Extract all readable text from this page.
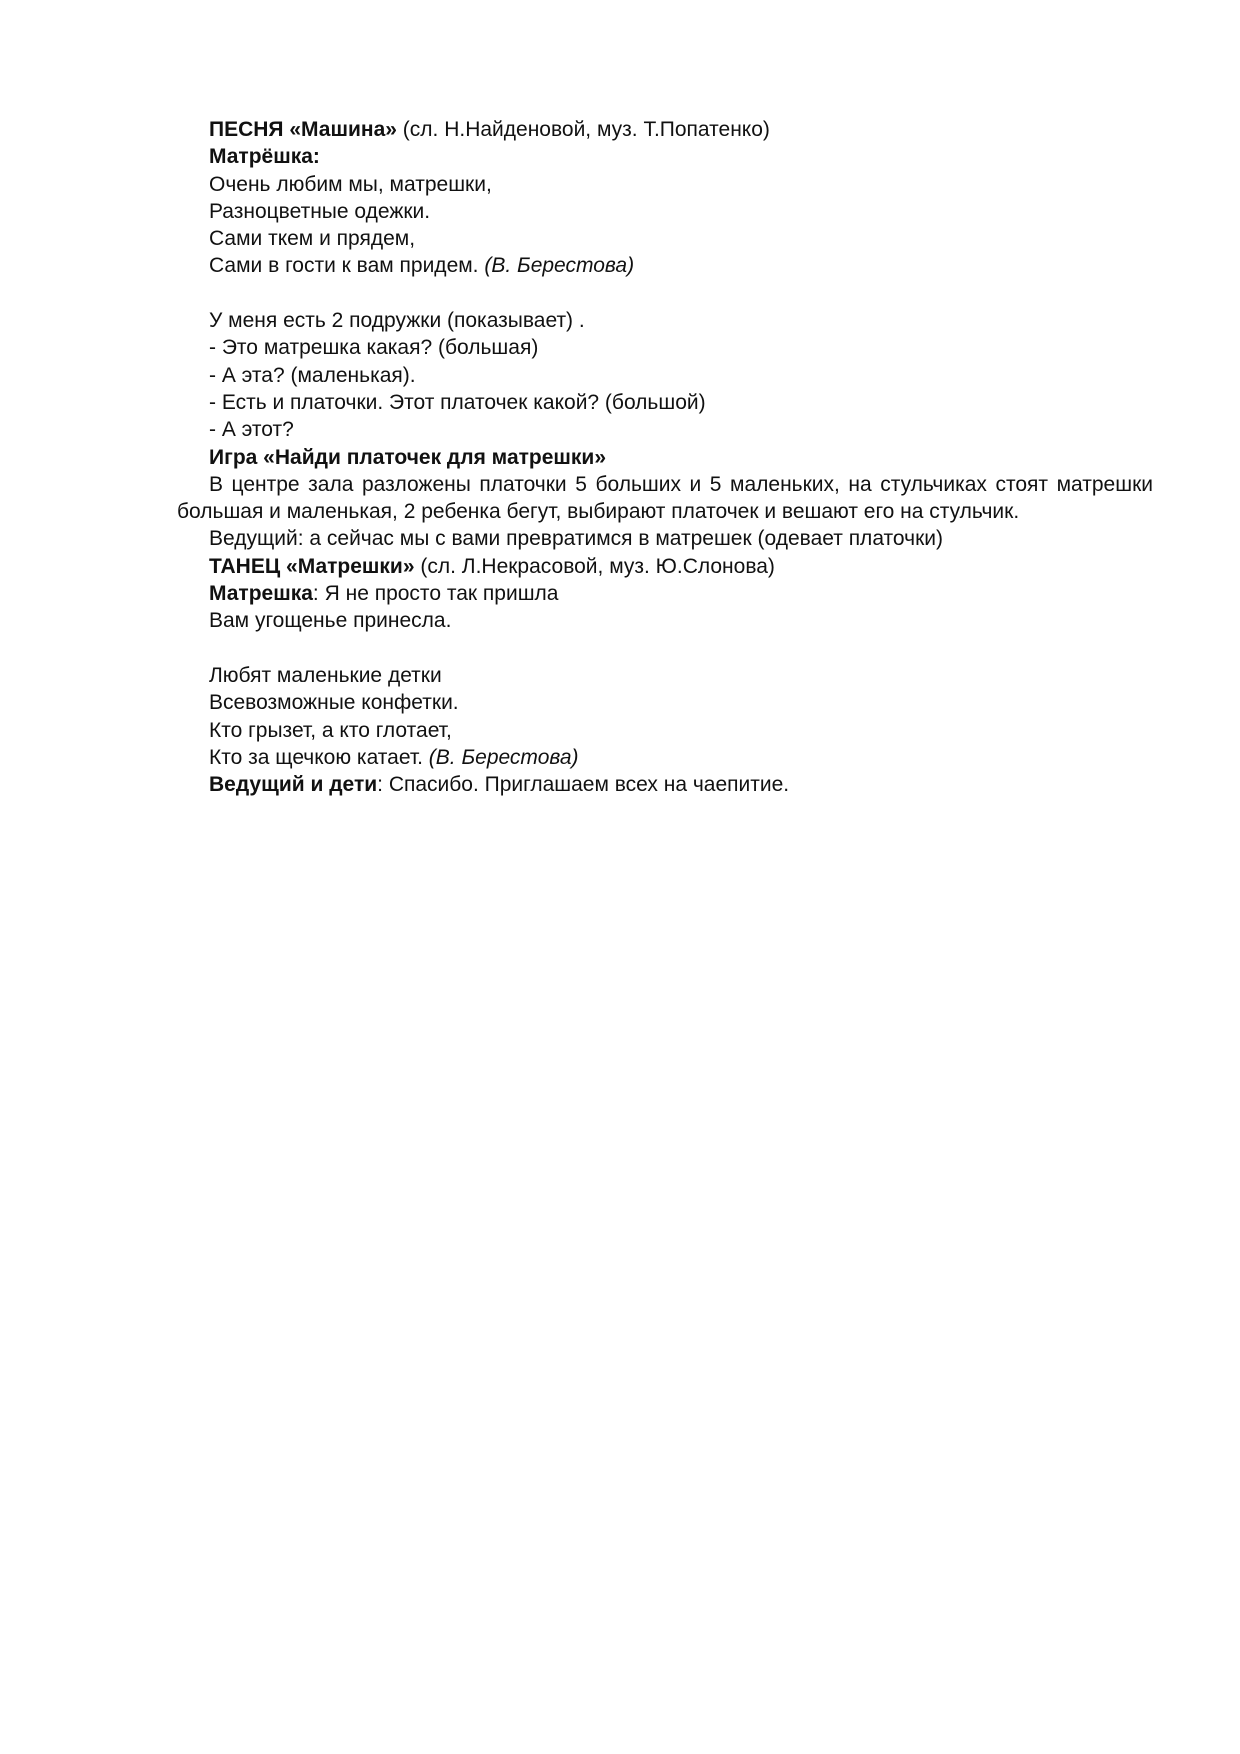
ПЕСНЯ «Машина» (сл. Н.Найденовой, муз. Т.Попатенко)
Матрёшка:
Очень любим мы, матрешки,
Разноцветные одежки.
Сами ткем и прядем,
Сами в гости к вам придем. (В. Берестова)
У меня есть 2 подружки (показывает) .
- Это матрешка какая? (большая)
- А эта? (маленькая).
- Есть и платочки. Этот платочек какой? (большой)
- А этот?
Игра «Найди платочек для матрешки»
В центре зала разложены платочки 5 больших и 5 маленьких, на стульчиках стоят матрешки большая и маленькая, 2 ребенка бегут, выбирают платочек и вешают его на стульчик.
Ведущий: а сейчас мы с вами превратимся в матрешек (одевает платочки)
ТАНЕЦ «Матрешки» (сл. Л.Некрасовой, муз. Ю.Слонова)
Матрешка: Я не просто так пришла
Вам угощенье принесла.
Любят маленькие детки
Всевозможные конфетки.
Кто грызет, а кто глотает,
Кто за щечкою катает. (В. Берестова)
Ведущий и дети: Спасибо. Приглашаем всех на чаепитие.
